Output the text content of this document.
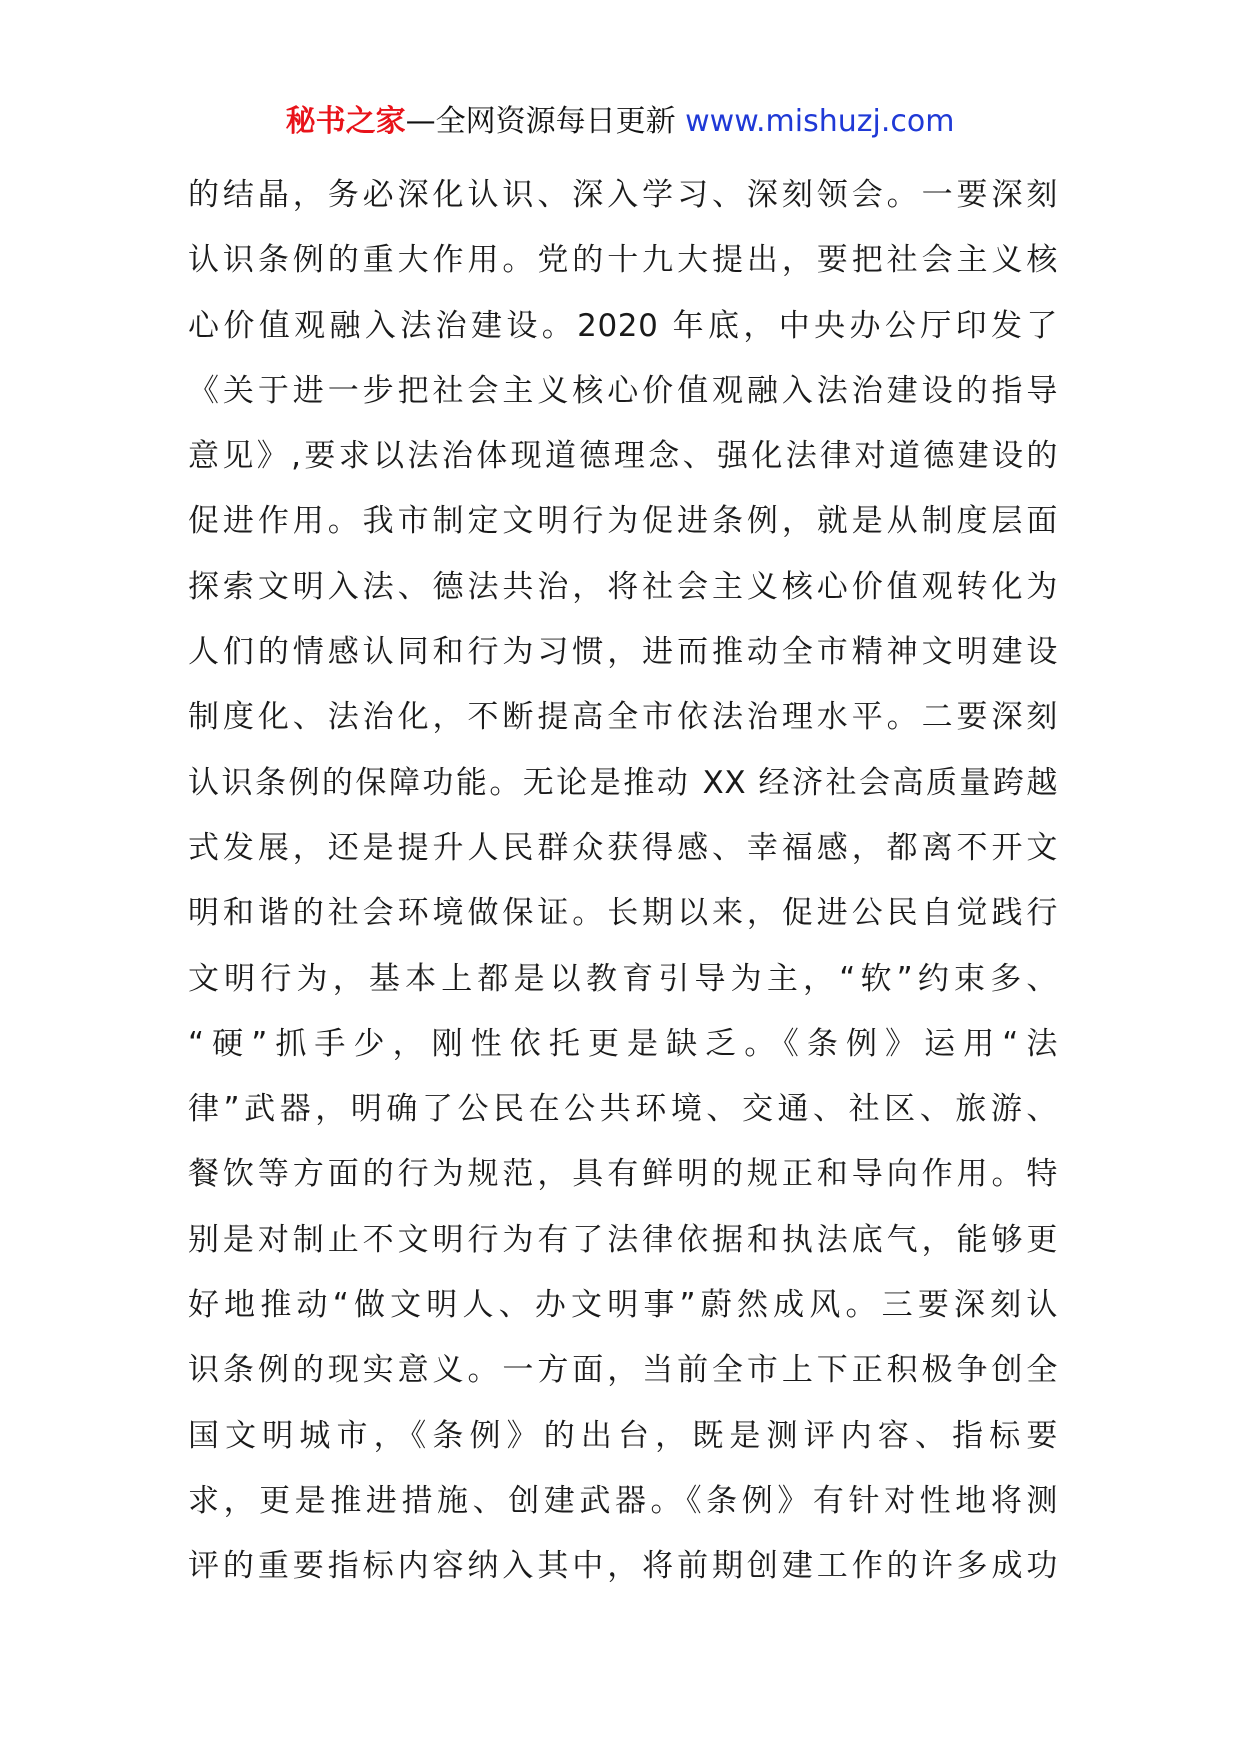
秘书之家—全网资源每日更新 www.mishuzj.com
的结晶，务必深化认识、深入学习、深刻领会。一要深刻
认识条例的重大作用。党的十九大提出，要把社会主义核
心价值观融入法治建设。2020 年底，中央办公厅印发了
《关于进一步把社会主义核心价值观融入法治建设的指导
意见》,要求以法治体现道德理念、强化法律对道德建设的
促进作用。我市制定文明行为促进条例，就是从制度层面
探索文明入法、德法共治，将社会主义核心价值观转化为
人们的情感认同和行为习惯，进而推动全市精神文明建设
制度化、法治化，不断提高全市依法治理水平。二要深刻
认识条例的保障功能。无论是推动 XX 经济社会高质量跨越
式发展，还是提升人民群众获得感、幸福感，都离不开文
明和谐的社会环境做保证。长期以来，促进公民自觉践行
文明行为，基本上都是以教育引导为主，“软”约束多、
“硬”抓手少，刚性依托更是缺乏。《条例》运用“法
律”武器，明确了公民在公共环境、交通、社区、旅游、
餐饮等方面的行为规范，具有鲜明的规正和导向作用。特
别是对制止不文明行为有了法律依据和执法底气，能够更
好地推动“做文明人、办文明事”蔚然成风。三要深刻认
识条例的现实意义。一方面，当前全市上下正积极争创全
国文明城市，《条例》的出台，既是测评内容、指标要
求，更是推进措施、创建武器。《条例》有针对性地将测
评的重要指标内容纳入其中，将前期创建工作的许多成功
